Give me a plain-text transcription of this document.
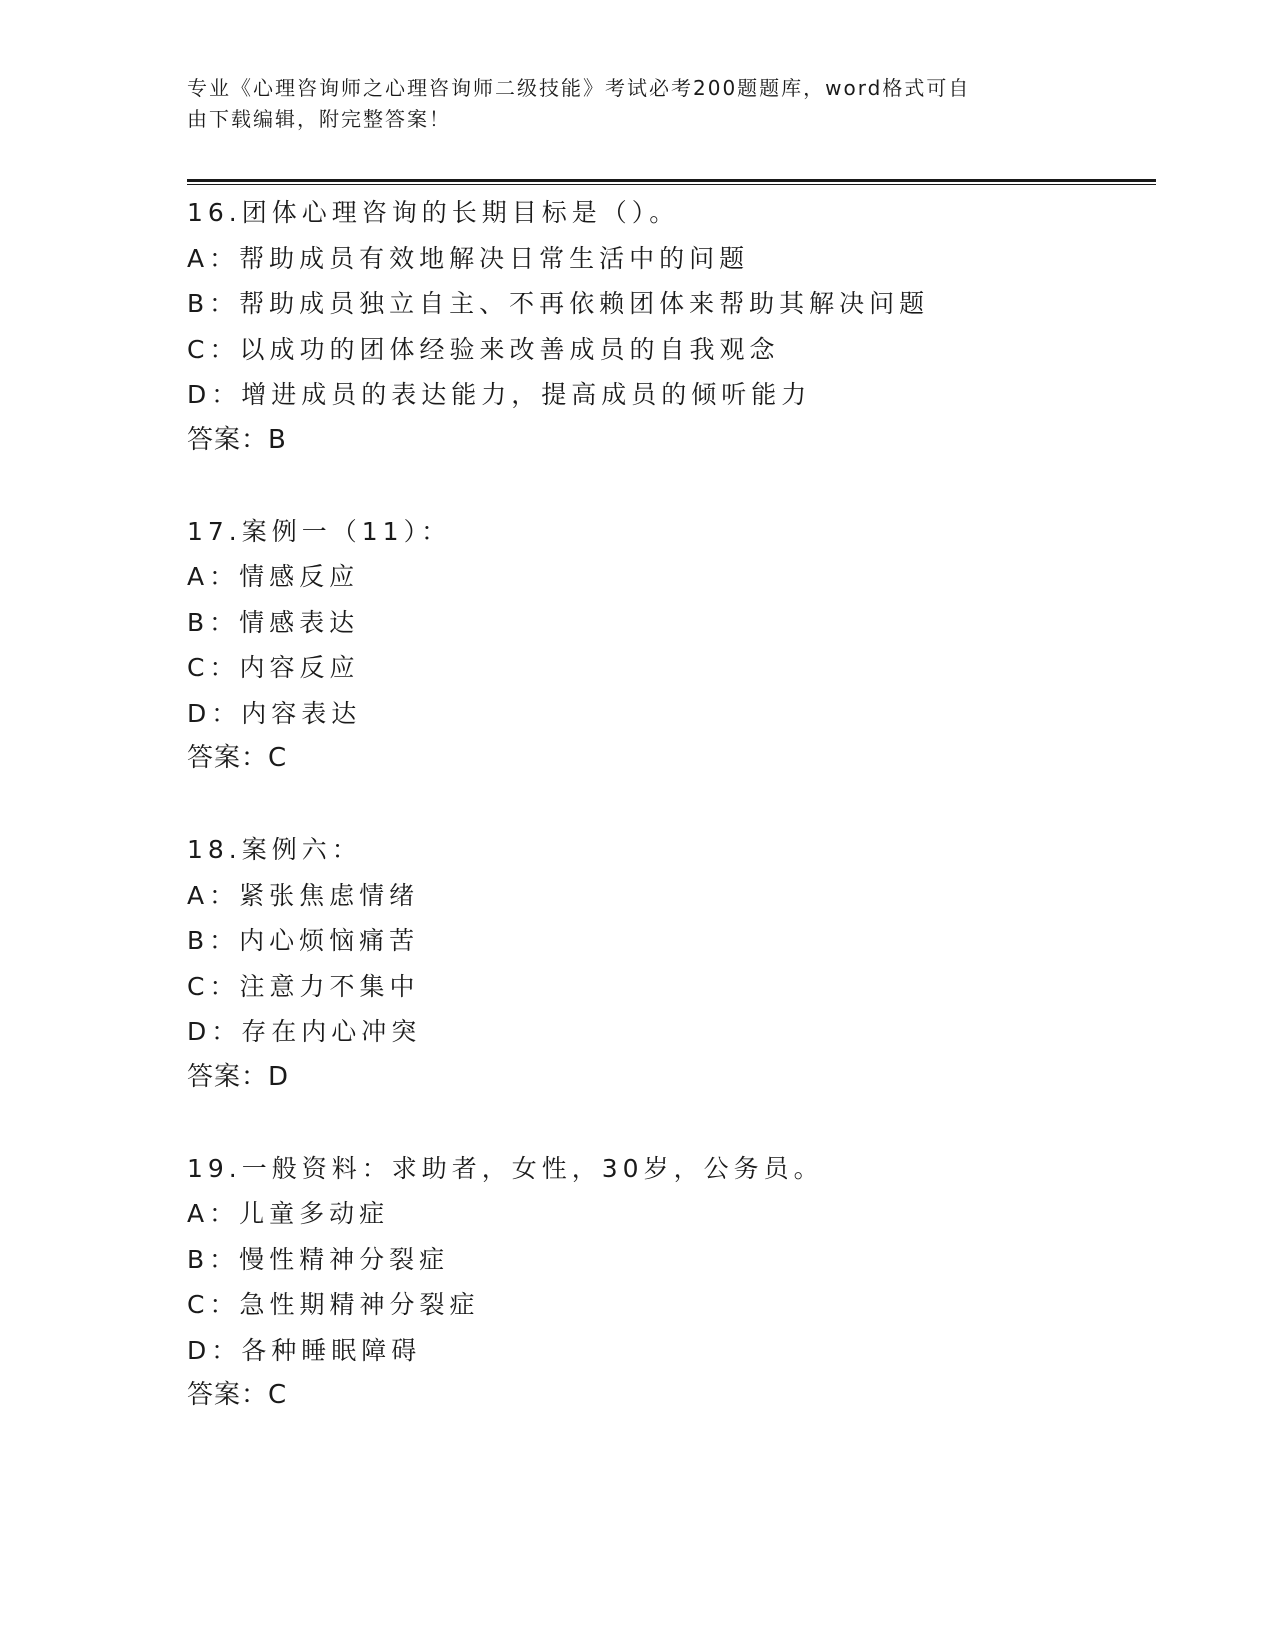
专业《心理咨询师之心理咨询师二级技能》考试必考200题题库，word格式可自
由下载编辑，附完整答案！
16.团体心理咨询的长期目标是（）。
A：帮助成员有效地解决日常生活中的问题
B：帮助成员独立自主、不再依赖团体来帮助其解决问题
C：以成功的团体经验来改善成员的自我观念
D：增进成员的表达能力，提高成员的倾听能力
答案：B
17.案例一（11）：
A：情感反应
B：情感表达
C：内容反应
D：内容表达
答案：C
18.案例六：
A：紧张焦虑情绪
B：内心烦恼痛苦
C：注意力不集中
D：存在内心冲突
答案：D
19.一般资料：求助者，女性，30岁，公务员。
A：儿童多动症
B：慢性精神分裂症
C：急性期精神分裂症
D：各种睡眠障碍
答案：C
